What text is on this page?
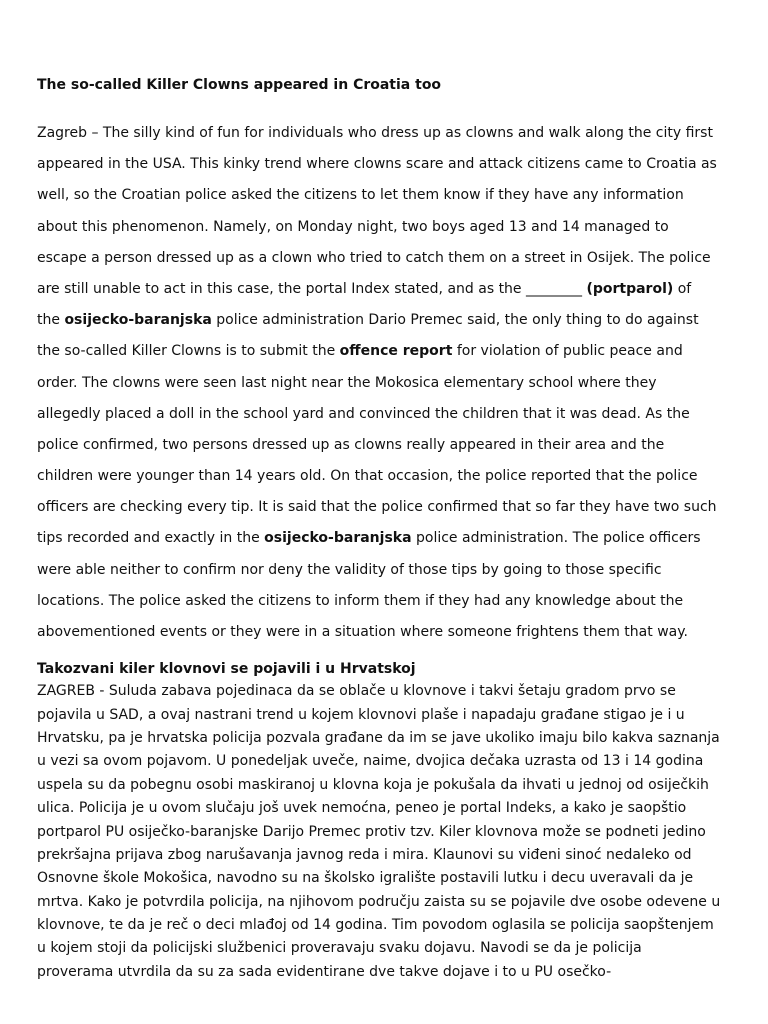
The so-called Killer Clowns appeared in Croatia too
Zagreb – The silly kind of fun for individuals who dress up as clowns and walk along the city first
appeared in the USA. This kinky trend where clowns scare and attack citizens came to Croatia as
well, so the Croatian police asked the citizens to let them know if they have any information
about this phenomenon. Namely, on Monday night, two boys aged 13 and 14 managed to
escape a person dressed up as a clown who tried to catch them on a street in Osijek. The police
are still unable to act in this case, the portal Index stated, and as the ________ (portparol) of
the osijecko-baranjska police administration Dario Premec said, the only thing to do against
the so-called Killer Clowns is to submit the offence report for violation of public peace and
order. The clowns were seen last night near the Mokosica elementary school where they
allegedly placed a doll in the school yard and convinced the children that it was dead. As the
police confirmed, two persons dressed up as clowns really appeared in their area and the
children were younger than 14 years old. On that occasion, the police reported that the police
officers are checking every tip. It is said that the police confirmed that so far they have two such
tips recorded and exactly in the osijecko-baranjska police administration. The police officers
were able neither to confirm nor deny the validity of those tips by going to those specific
locations. The police asked the citizens to inform them if they had any knowledge about the
abovementioned events or they were in a situation where someone frightens them that way.
Takozvani kiler klovnovi se pojavili i u Hrvatskoj
ZAGREB - Suluda zabava pojedinaca da se oblače u klovnove i takvi šetaju gradom prvo se
pojavila u SAD, a ovaj nastrani trend u kojem klovnovi plaše i napadaju građane stigao je i u
Hrvatsku, pa je hrvatska policija pozvala građane da im se jave ukoliko imaju bilo kakva saznanja
u vezi sa ovom pojavom. U ponedeljak uveče, naime, dvojica dečaka uzrasta od 13 i 14 godina
uspela su da pobegnu osobi maskiranoj u klovna koja je pokušala da ihvati u jednoj od osiječkih
ulica. Policija je u ovom slučaju još uvek nemoćna, peneo je portal Indeks, a kako je saopštio
portparol PU osiječko-baranjske Darijo Premec protiv tzv. Kiler klovnova može se podneti jedino
prekršajna prijava zbog narušavanja javnog reda i mira. Klaunovi su viđeni sinoć nedaleko od
Osnovne škole Mokošica, navodno su na školsko igralište postavili lutku i decu uveravali da je
mrtva. Kako je potvrdila policija, na njihovom području zaista su se pojavile dve osobe odevene u
klovnove, te da je reč o deci mlađoj od 14 godina. Tim povodom oglasila se policija saopštenjem
u kojem stoji da policijski službenici proveravaju svaku dojavu. Navodi se da je policija
proverama utvrdila da su za sada evidentirane dve takve dojave i to u PU osečko-
